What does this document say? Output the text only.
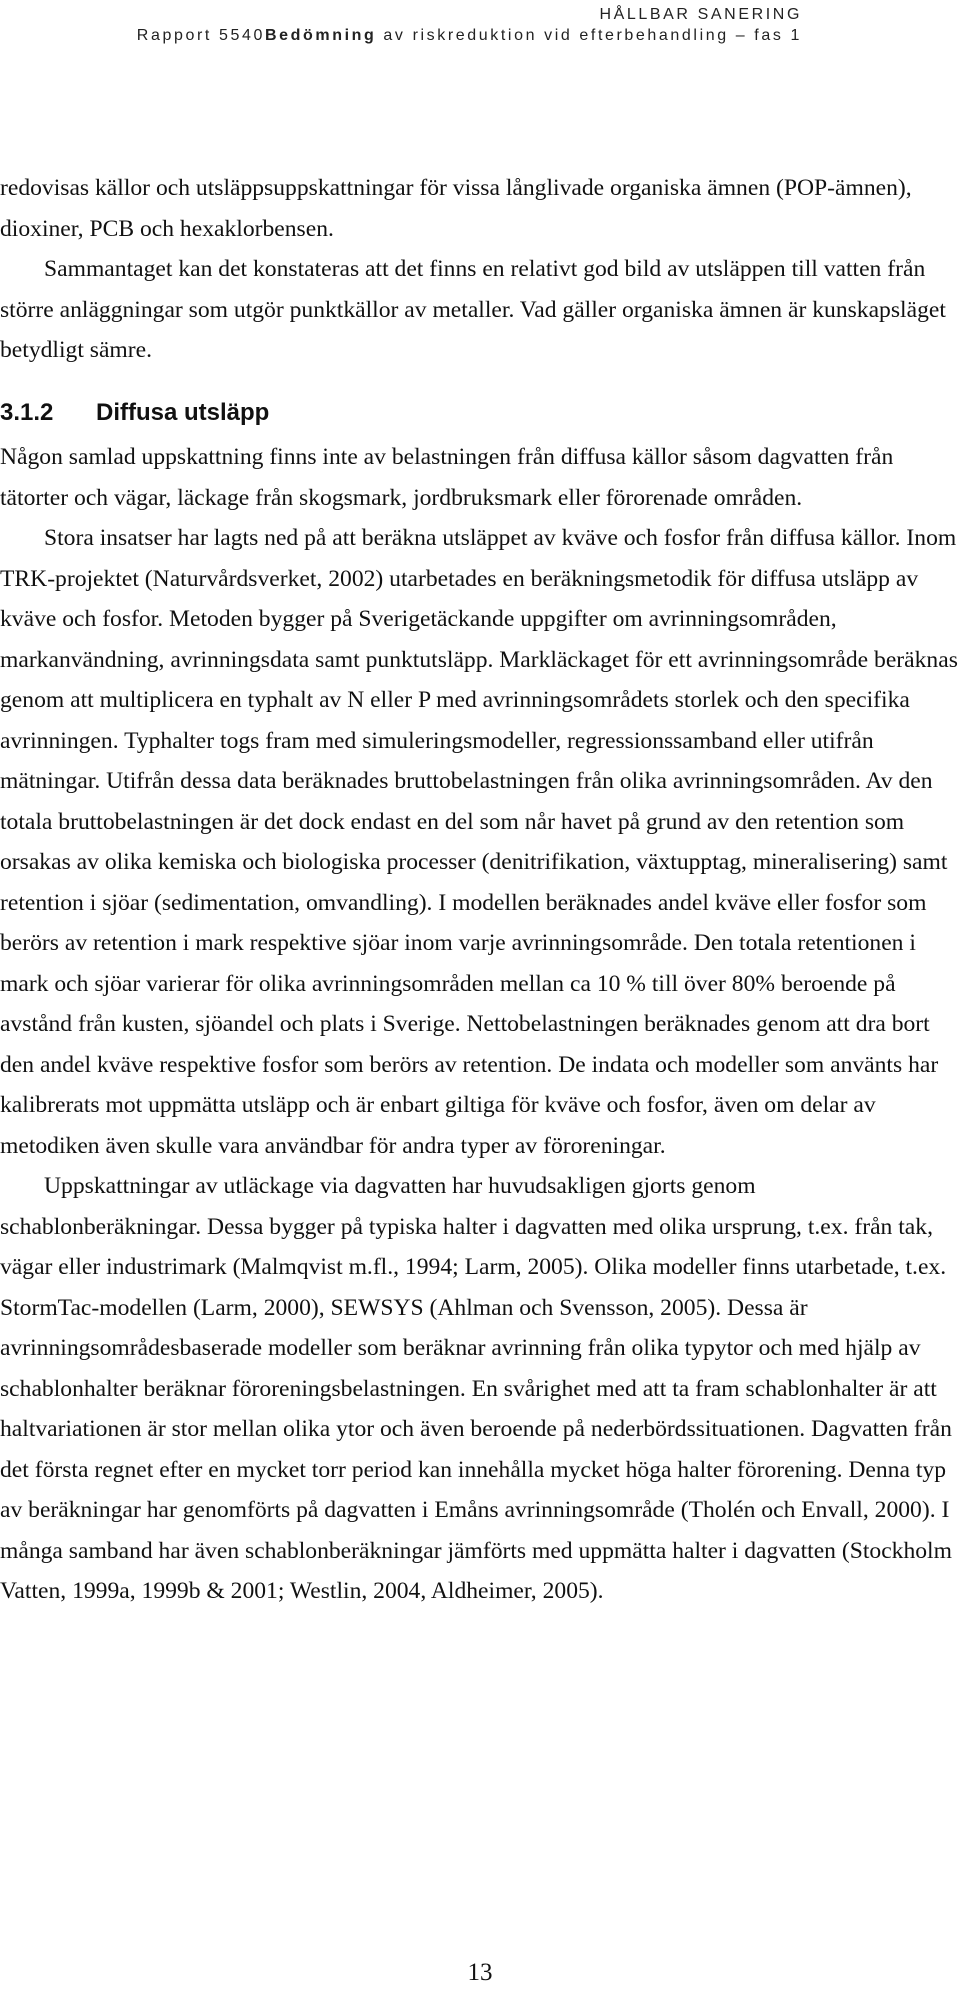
HÅLLBAR SANERING
Rapport 5540Bedömning av riskreduktion vid efterbehandling – fas 1

redovisas källor och utsläppsuppskattningar för vissa långlivade organiska ämnen (POP-ämnen), dioxiner, PCB och hexaklorbensen.

Sammantaget kan det konstateras att det finns en relativt god bild av utsläppen till vatten från större anläggningar som utgör punktkällor av metaller. Vad gäller organiska ämnen är kunskapsläget betydligt sämre.

3.1.2 Diffusa utsläpp

Någon samlad uppskattning finns inte av belastningen från diffusa källor såsom dagvatten från tätorter och vägar, läckage från skogsmark, jordbruksmark eller förorenade områden.

Stora insatser har lagts ned på att beräkna utsläppet av kväve och fosfor från diffusa källor. Inom TRK-projektet (Naturvårdsverket, 2002) utarbetades en beräkningsmetodik för diffusa utsläpp av kväve och fosfor. Metoden bygger på Sverigetäckande uppgifter om avrinningsområden, markanvändning, avrinningsdata samt punktutsläpp. Markläckaget för ett avrinningsområde beräknas genom att multiplicera en typhalt av N eller P med avrinningsområdets storlek och den specifika avrinningen. Typhalter togs fram med simuleringsmodeller, regressionssamband eller utifrån mätningar. Utifrån dessa data beräknades bruttobelastningen från olika avrinningsområden. Av den totala bruttobelastningen är det dock endast en del som når havet på grund av den retention som orsakas av olika kemiska och biologiska processer (denitrifikation, växtupptag, mineralisering) samt retention i sjöar (sedimentation, omvandling). I modellen beräknades andel kväve eller fosfor som berörs av retention i mark respektive sjöar inom varje avrinningsområde. Den totala retentionen i mark och sjöar varierar för olika avrinningsområden mellan ca 10 % till över 80% beroende på avstånd från kusten, sjöandel och plats i Sverige. Nettobelastningen beräknades genom att dra bort den andel kväve respektive fosfor som berörs av retention. De indata och modeller som använts har kalibrerats mot uppmätta utsläpp och är enbart giltiga för kväve och fosfor, även om delar av metodiken även skulle vara användbar för andra typer av föroreningar.

Uppskattningar av utläckage via dagvatten har huvudsakligen gjorts genom schablonberäkningar. Dessa bygger på typiska halter i dagvatten med olika ursprung, t.ex. från tak, vägar eller industrimark (Malmqvist m.fl., 1994; Larm, 2005). Olika modeller finns utarbetade, t.ex. StormTac-modellen (Larm, 2000), SEWSYS (Ahlman och Svensson, 2005). Dessa är avrinningsområdesbaserade modeller som beräknar avrinning från olika typytor och med hjälp av schablonhalter beräknar föroreningsbelastningen. En svårighet med att ta fram schablonhalter är att haltvariationen är stor mellan olika ytor och även beroende på nederbördssituationen. Dagvatten från det första regnet efter en mycket torr period kan innehålla mycket höga halter förorening. Denna typ av beräkningar har genomförts på dagvatten i Emåns avrinningsområde (Tholén och Envall, 2000). I många samband har även schablonberäkningar jämförts med uppmätta halter i dagvatten (Stockholm Vatten, 1999a, 1999b & 2001; Westlin, 2004, Aldheimer, 2005).

13
